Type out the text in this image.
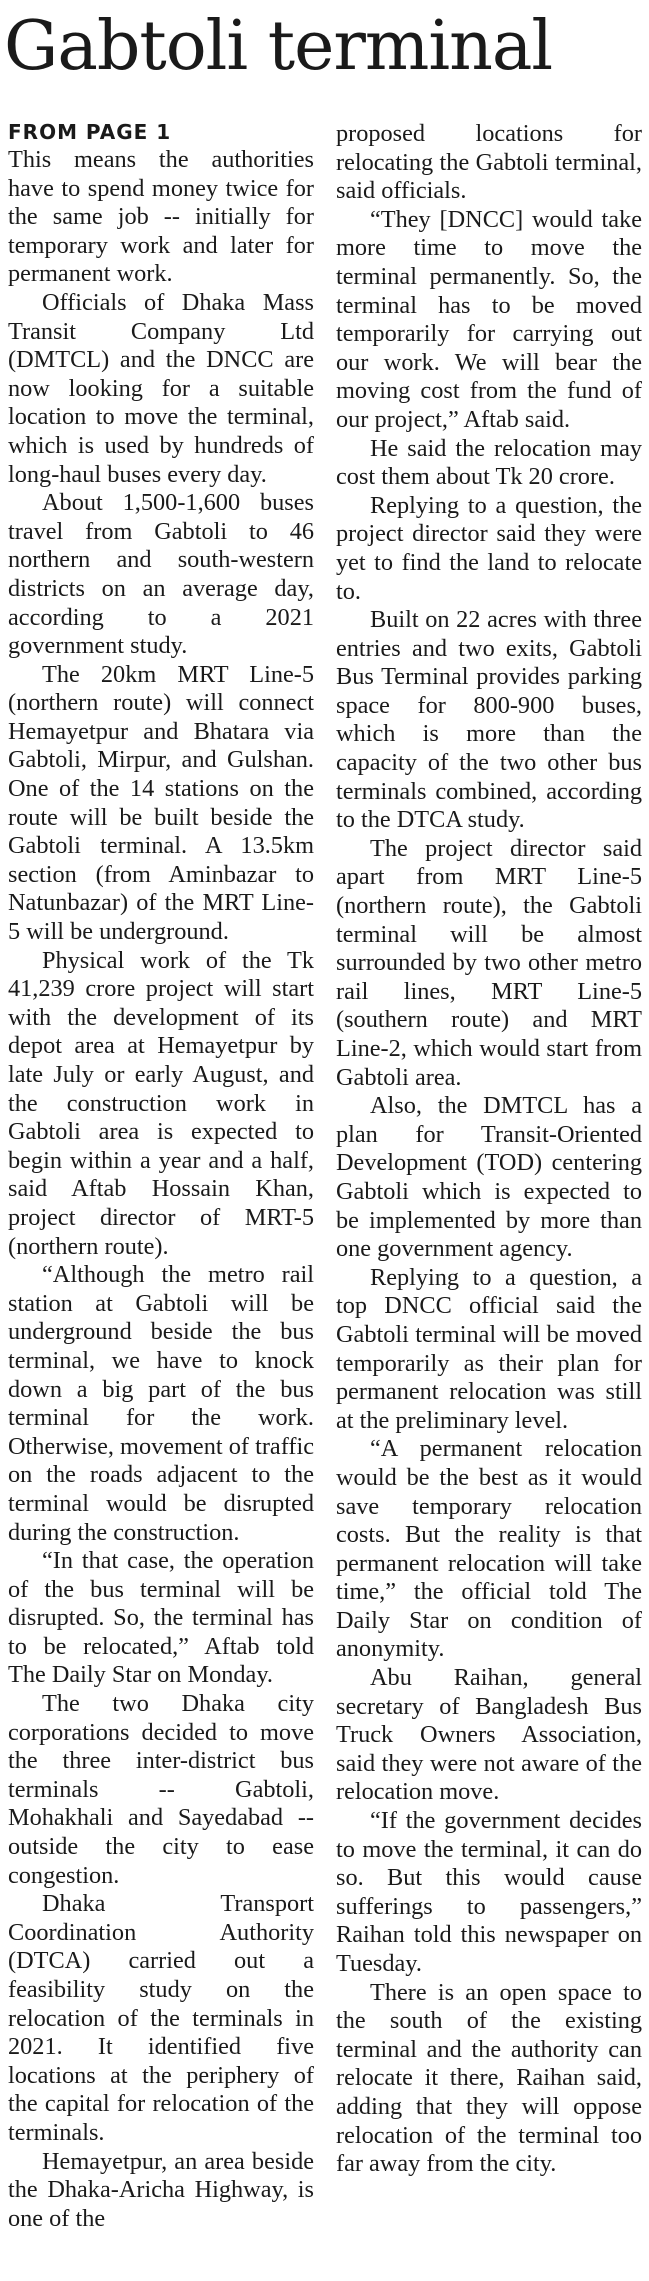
Gabtoli terminal
FROM PAGE 1

This means the authorities have to spend money twice for the same job -- initially for temporary work and later for permanent work.

Officials of Dhaka Mass Transit Company Ltd (DMTCL) and the DNCC are now looking for a suitable location to move the terminal, which is used by hundreds of long-haul buses every day.

About 1,500-1,600 buses travel from Gabtoli to 46 northern and south-western districts on an average day, according to a 2021 government study.

The 20km MRT Line-5 (northern route) will connect Hemayetpur and Bhatara via Gabtoli, Mirpur, and Gulshan. One of the 14 stations on the route will be built beside the Gabtoli terminal. A 13.5km section (from Aminbazar to Natunbazar) of the MRT Line-5 will be underground.

Physical work of the Tk 41,239 crore project will start with the development of its depot area at Hemayetpur by late July or early August, and the construction work in Gabtoli area is expected to begin within a year and a half, said Aftab Hossain Khan, project director of MRT-5 (northern route).

“Although the metro rail station at Gabtoli will be underground beside the bus terminal, we have to knock down a big part of the bus terminal for the work. Otherwise, movement of traffic on the roads adjacent to the terminal would be disrupted during the construction.

“In that case, the operation of the bus terminal will be disrupted. So, the terminal has to be relocated,” Aftab told The Daily Star on Monday.

The two Dhaka city corporations decided to move the three inter-district bus terminals -- Gabtoli, Mohakhali and Sayedabad -- outside the city to ease congestion.

Dhaka Transport Coordination Authority (DTCA) carried out a feasibility study on the relocation of the terminals in 2021. It identified five locations at the periphery of the capital for relocation of the terminals.

Hemayetpur, an area beside the Dhaka-Aricha Highway, is one of the

proposed locations for relocating the Gabtoli terminal, said officials.

“They [DNCC] would take more time to move the terminal permanently. So, the terminal has to be moved temporarily for carrying out our work. We will bear the moving cost from the fund of our project,” Aftab said.

He said the relocation may cost them about Tk 20 crore.

Replying to a question, the project director said they were yet to find the land to relocate to.

Built on 22 acres with three entries and two exits, Gabtoli Bus Terminal provides parking space for 800-900 buses, which is more than the capacity of the two other bus terminals combined, according to the DTCA study.

The project director said apart from MRT Line-5 (northern route), the Gabtoli terminal will be almost surrounded by two other metro rail lines, MRT Line-5 (southern route) and MRT Line-2, which would start from Gabtoli area.

Also, the DMTCL has a plan for Transit-Oriented Development (TOD) centering Gabtoli which is expected to be implemented by more than one government agency.

Replying to a question, a top DNCC official said the Gabtoli terminal will be moved temporarily as their plan for permanent relocation was still at the preliminary level.

“A permanent relocation would be the best as it would save temporary relocation costs. But the reality is that permanent relocation will take time,” the official told The Daily Star on condition of anonymity.

Abu Raihan, general secretary of Bangladesh Bus Truck Owners Association, said they were not aware of the relocation move.

“If the government decides to move the terminal, it can do so. But this would cause sufferings to passengers,” Raihan told this newspaper on Tuesday.

There is an open space to the south of the existing terminal and the authority can relocate it there, Raihan said, adding that they will oppose relocation of the terminal too far away from the city.
